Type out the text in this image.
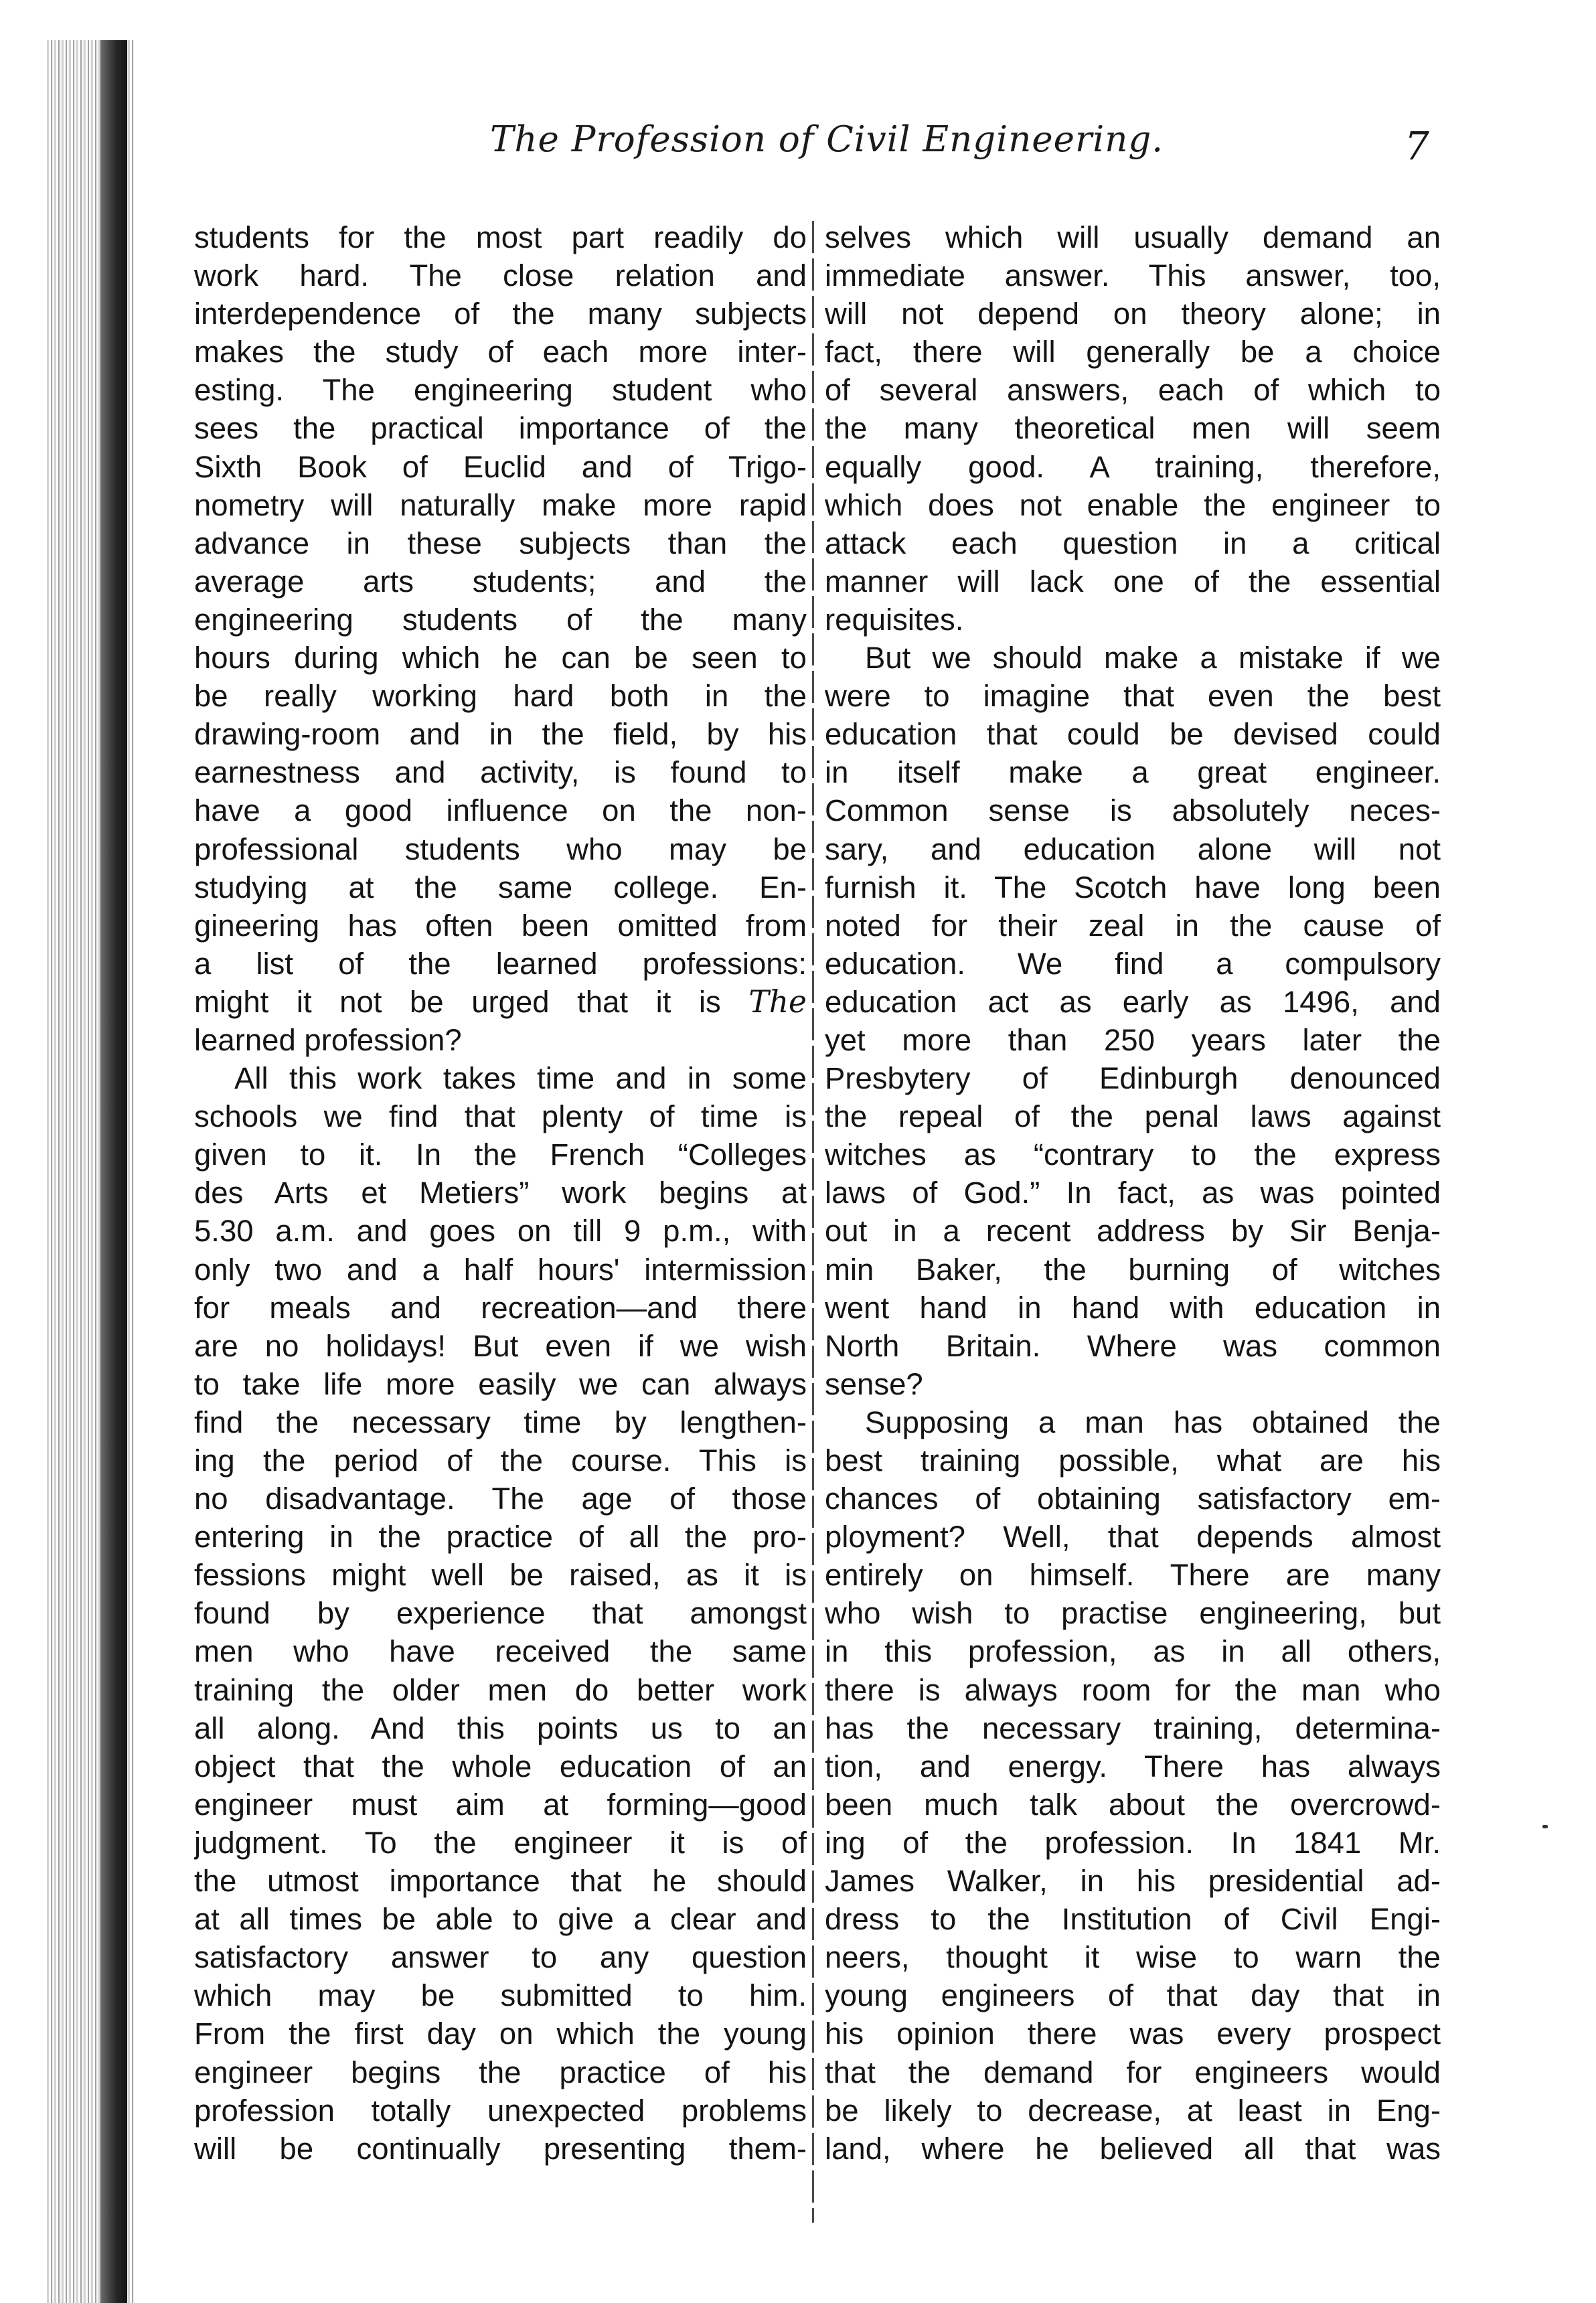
The Profession of Civil Engineering.	7
students for the most part readily do
work hard. The close relation and
interdependence of the many subjects
makes the study of each more inter-
esting. The engineering student who
sees the practical importance of the
Sixth Book of Euclid and of Trigo-
nometry will naturally make more rapid
advance in these subjects than the
average arts students; and the
engineering students of the many
hours during which he can be seen to
be really working hard both in the
drawing-room and in the field, by his
earnestness and activity, is found to
have a good influence on the non-
professional students who may be
studying at the same college. En-
gineering has often been omitted from
a list of the learned professions:
might it not be urged that it is The
learned profession?
All this work takes time and in some
schools we find that plenty of time is
given to it. In the French “Colleges
des Arts et Metiers” work begins at
5.30 a.m. and goes on till 9 p.m., with
only two and a half hours' intermission
for meals and recreation—and there
are no holidays! But even if we wish
to take life more easily we can always
find the necessary time by lengthen-
ing the period of the course. This is
no disadvantage. The age of those
entering in the practice of all the pro-
fessions might well be raised, as it is
found by experience that amongst
men who have received the same
training the older men do better work
all along. And this points us to an
object that the whole education of an
engineer must aim at forming—good
judgment. To the engineer it is of
the utmost importance that he should
at all times be able to give a clear and
satisfactory answer to any question
which may be submitted to him.
From the first day on which the young
engineer begins the practice of his
profession totally unexpected problems
will be continually presenting them-
selves which will usually demand an
immediate answer. This answer, too,
will not depend on theory alone; in
fact, there will generally be a choice
of several answers, each of which to
the many theoretical men will seem
equally good. A training, therefore,
which does not enable the engineer to
attack each question in a critical
manner will lack one of the essential
requisites.
But we should make a mistake if we
were to imagine that even the best
education that could be devised could
in itself make a great engineer.
Common sense is absolutely neces-
sary, and education alone will not
furnish it. The Scotch have long been
noted for their zeal in the cause of
education. We find a compulsory
education act as early as 1496, and
yet more than 250 years later the
Presbytery of Edinburgh denounced
the repeal of the penal laws against
witches as “contrary to the express
laws of God.” In fact, as was pointed
out in a recent address by Sir Benja-
min Baker, the burning of witches
went hand in hand with education in
North Britain. Where was common
sense?
Supposing a man has obtained the
best training possible, what are his
chances of obtaining satisfactory em-
ployment? Well, that depends almost
entirely on himself. There are many
who wish to practise engineering, but
in this profession, as in all others,
there is always room for the man who
has the necessary training, determina-
tion, and energy. There has always
been much talk about the overcrowd-
ing of the profession. In 1841 Mr.
James Walker, in his presidential ad-
dress to the Institution of Civil Engi-
neers, thought it wise to warn the
young engineers of that day that in
his opinion there was every prospect
that the demand for engineers would
be likely to decrease, at least in Eng-
land, where he believed all that was
